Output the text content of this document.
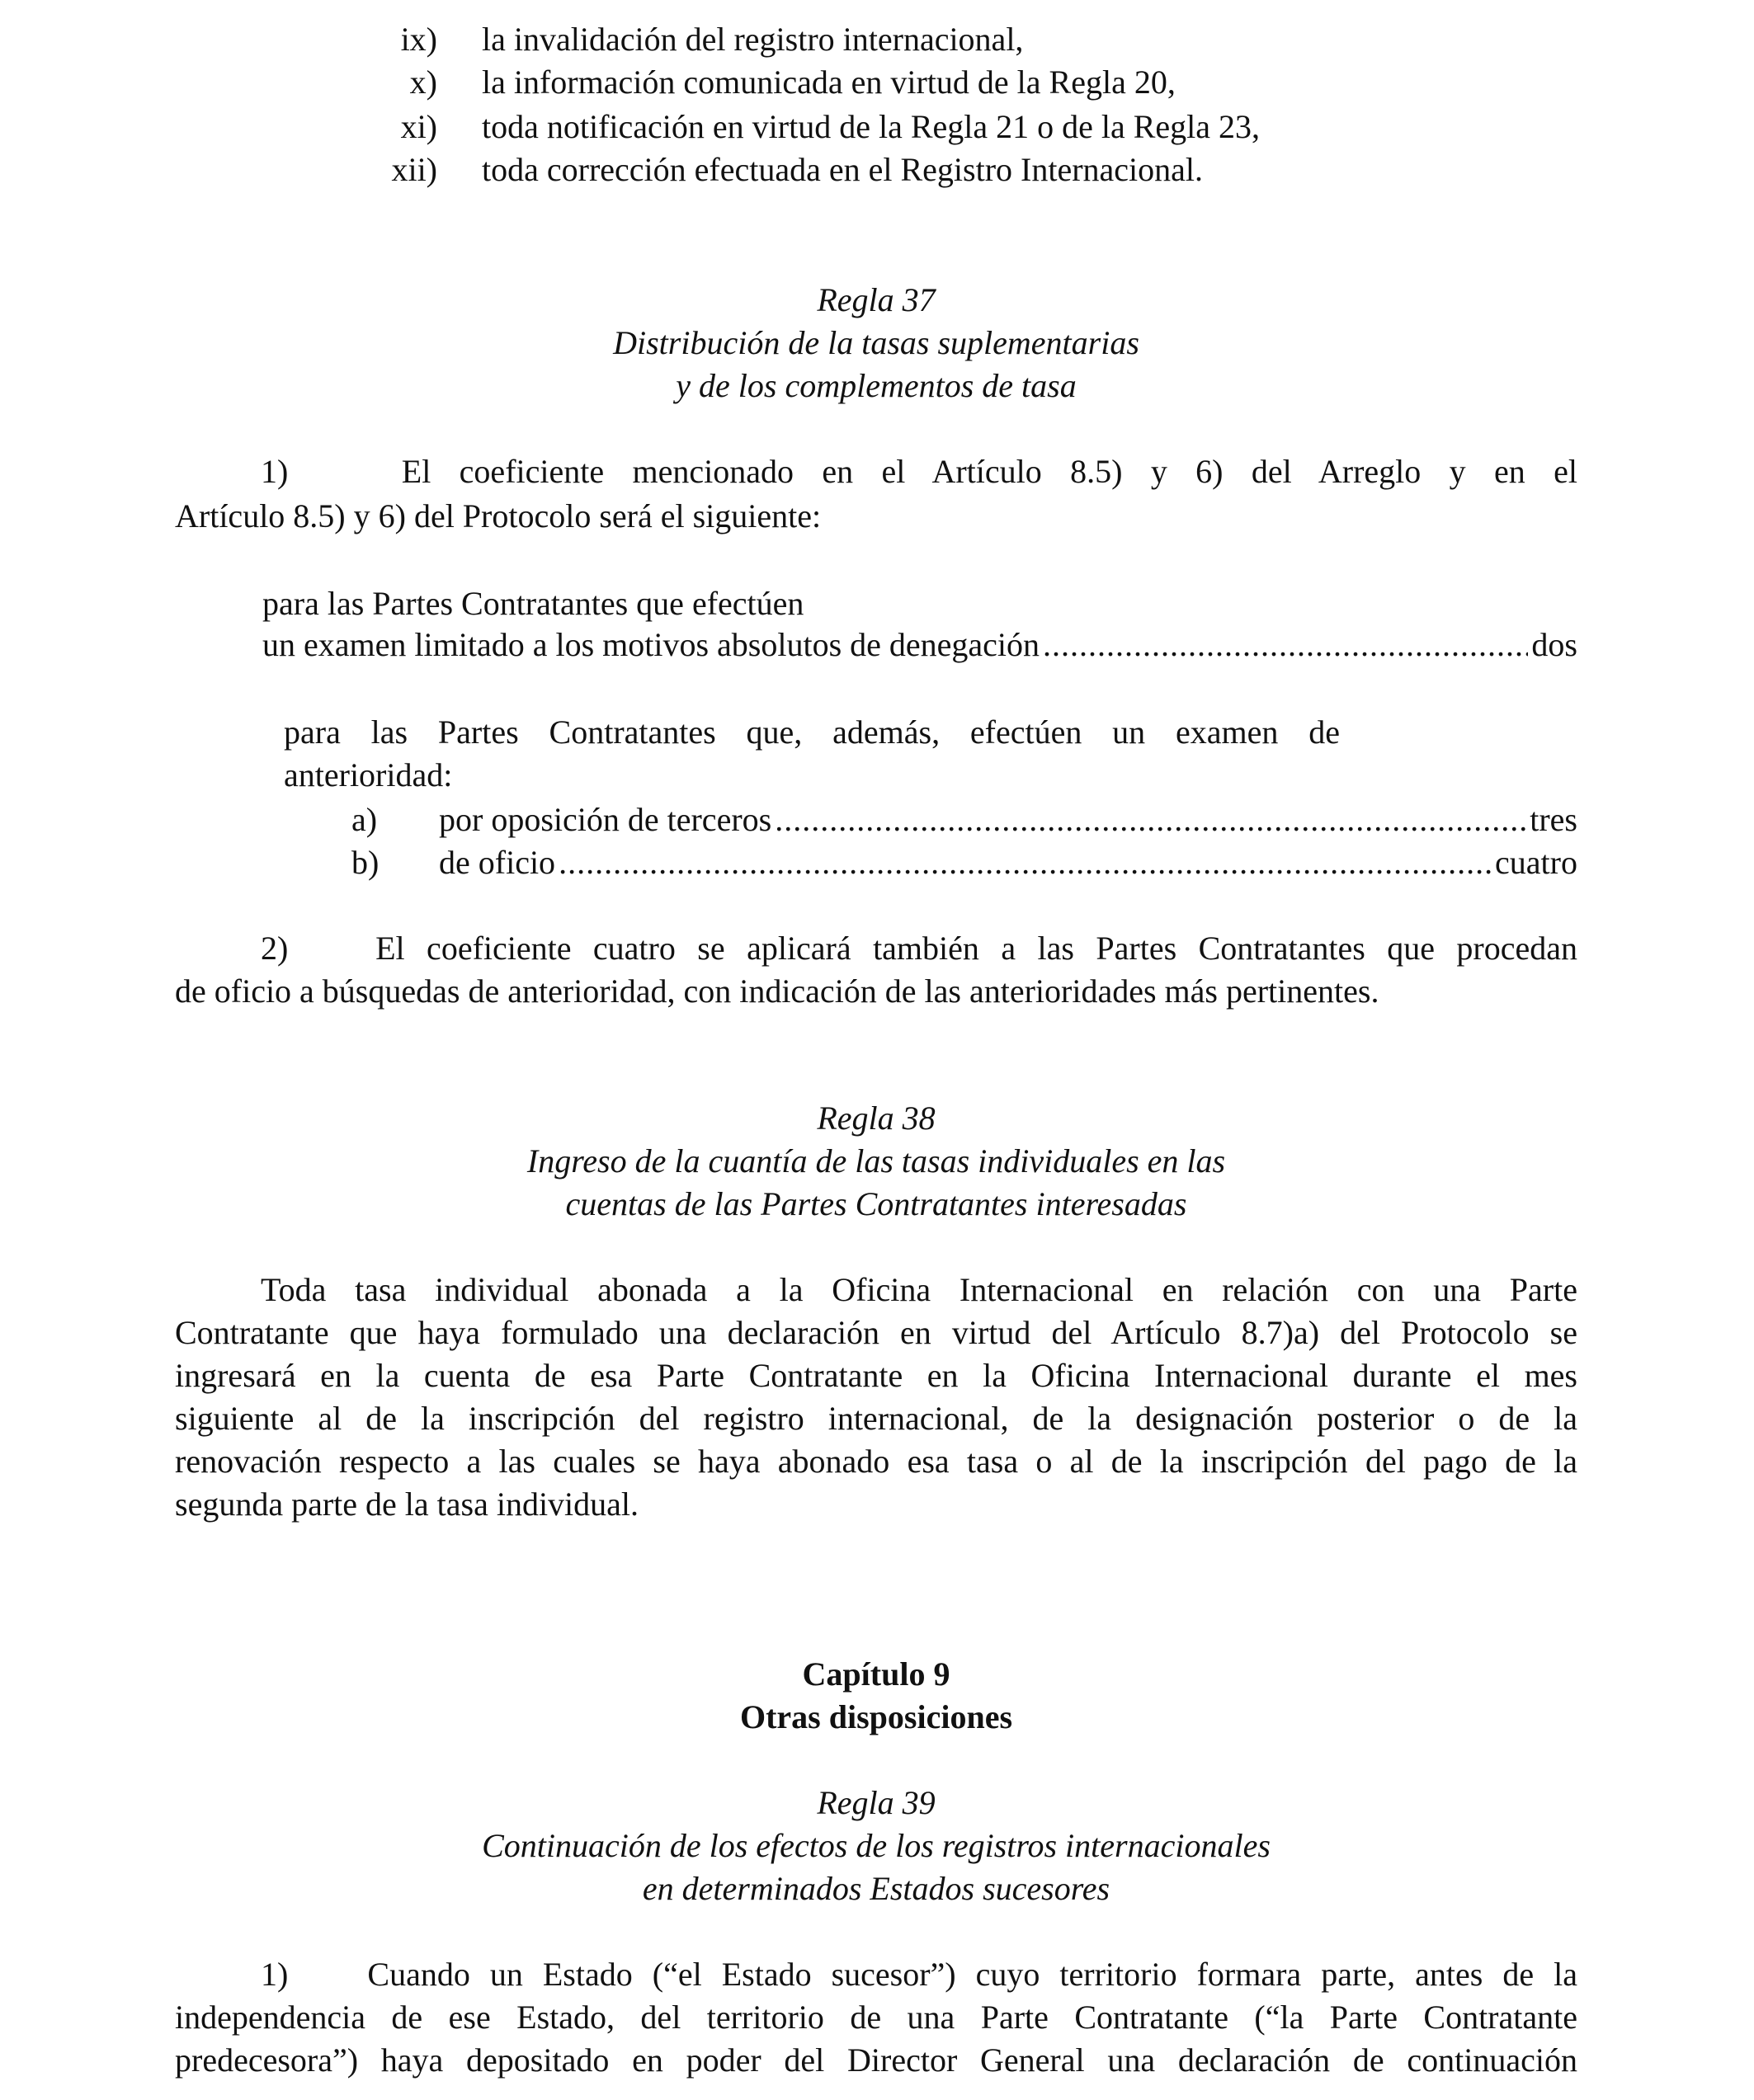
ix) la invalidación del registro internacional,
x) la información comunicada en virtud de la Regla 20,
xi) toda notificación en virtud de la Regla 21 o de la Regla 23,
xii) toda corrección efectuada en el Registro Internacional.
Regla 37
Distribución de la tasas suplementarias
y de los complementos de tasa
1)    El coeficiente mencionado en el Artículo 8.5) y 6) del Arreglo y en el
Artículo 8.5) y 6) del Protocolo será el siguiente:
para las Partes Contratantes que efectúen
un examen limitado a los motivos absolutos de denegación .....	dos
para las Partes Contratantes que, además, efectúen un examen de
anterioridad:
a) por oposición de terceros .....	tres
b) de oficio .....	cuatro
2)    El coeficiente cuatro se aplicará también a las Partes Contratantes que procedan
de oficio a búsquedas de anterioridad, con indicación de las anterioridades más pertinentes.
Regla 38
Ingreso de la cuantía de las tasas individuales en las
cuentas de las Partes Contratantes interesadas
Toda tasa individual abonada a la Oficina Internacional en relación con una Parte
Contratante que haya formulado una declaración en virtud del Artículo 8.7)a) del Protocolo se
ingresará en la cuenta de esa Parte Contratante en la Oficina Internacional durante el mes
siguiente al de la inscripción del registro internacional, de la designación posterior o de la
renovación respecto a las cuales se haya abonado esa tasa o al de la inscripción del pago de la
segunda parte de la tasa individual.
Capítulo 9
Otras disposiciones
Regla 39
Continuación de los efectos de los registros internacionales
en determinados Estados sucesores
1)    Cuando un Estado (“el Estado sucesor”) cuyo territorio formara parte, antes de la
independencia de ese Estado, del territorio de una Parte Contratante (“la Parte Contratante
predecesora”) haya depositado en poder del Director General una declaración de continuación
